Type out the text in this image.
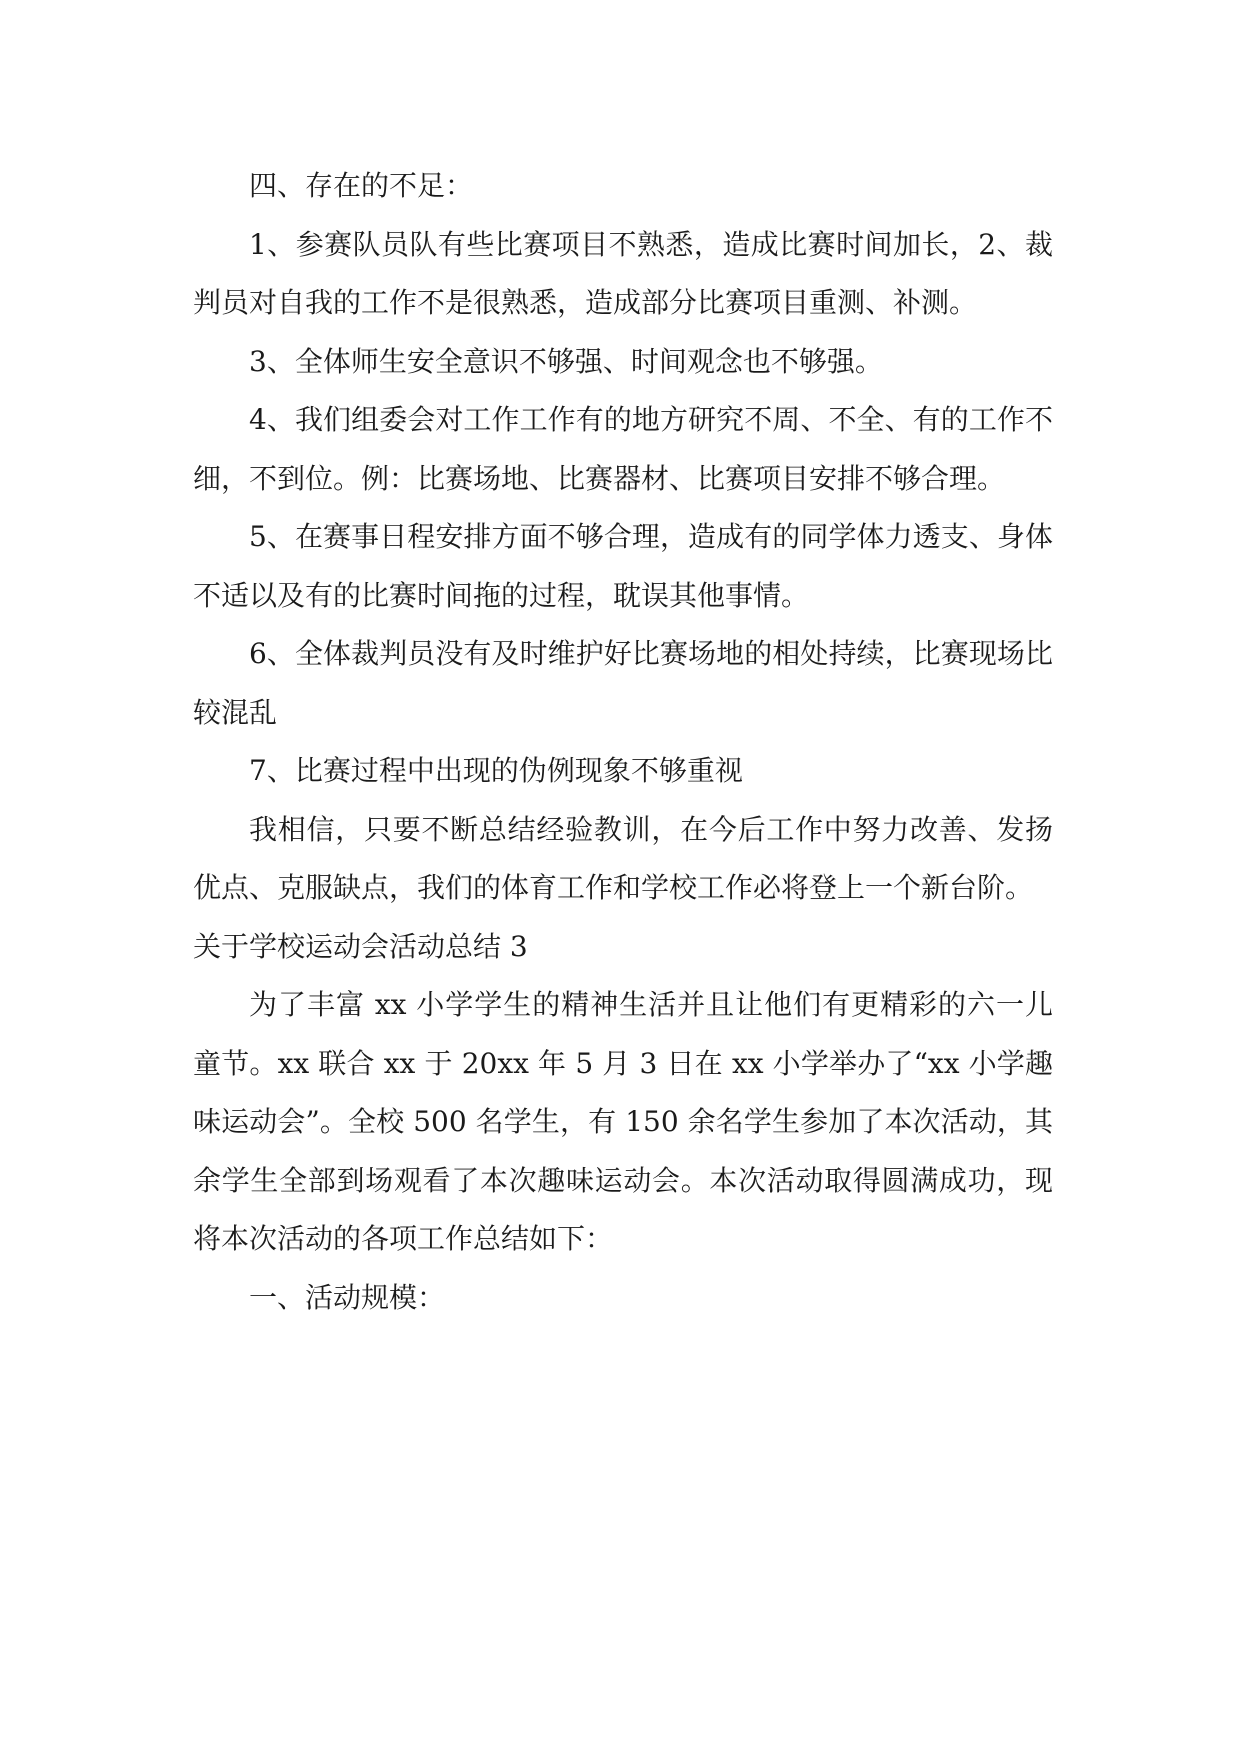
四、存在的不足：

1、参赛队员队有些比赛项目不熟悉，造成比赛时间加长，2、裁判员对自我的工作不是很熟悉，造成部分比赛项目重测、补测。

3、全体师生安全意识不够强、时间观念也不够强。

4、我们组委会对工作工作有的地方研究不周、不全、有的工作不细，不到位。例：比赛场地、比赛器材、比赛项目安排不够合理。

5、在赛事日程安排方面不够合理，造成有的同学体力透支、身体不适以及有的比赛时间拖的过程，耽误其他事情。

6、全体裁判员没有及时维护好比赛场地的相处持续，比赛现场比较混乱

7、比赛过程中出现的伪例现象不够重视

我相信，只要不断总结经验教训，在今后工作中努力改善、发扬优点、克服缺点，我们的体育工作和学校工作必将登上一个新台阶。

关于学校运动会活动总结 3

为了丰富 xx 小学学生的精神生活并且让他们有更精彩的六一儿童节。xx 联合 xx 于 20xx 年 5 月 3 日在 xx 小学举办了“xx 小学趣味运动会”。全校 500 名学生，有 150 余名学生参加了本次活动，其余学生全部到场观看了本次趣味运动会。本次活动取得圆满成功，现将本次活动的各项工作总结如下：

一、活动规模：
